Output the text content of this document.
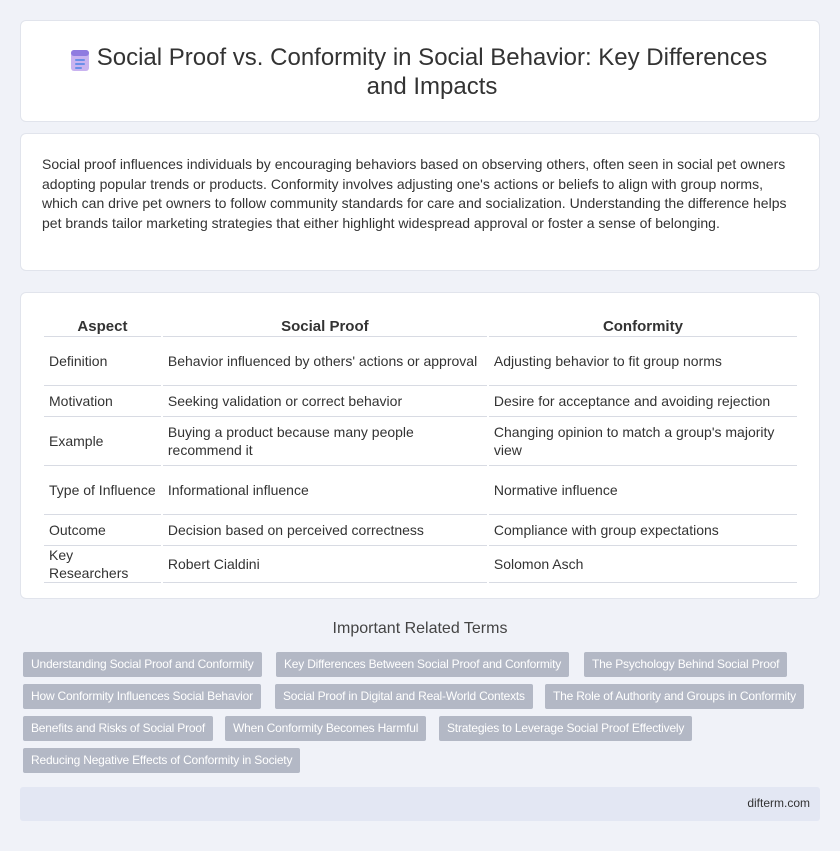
Social Proof vs. Conformity in Social Behavior: Key Differences and Impacts

Social proof influences individuals by encouraging behaviors based on observing others, often seen in social pet owners adopting popular trends or products. Conformity involves adjusting one's actions or beliefs to align with group norms, which can drive pet owners to follow community standards for care and socialization. Understanding the difference helps pet brands tailor marketing strategies that either highlight widespread approval or foster a sense of belonging.

Aspect	Social Proof	Conformity
Definition	Behavior influenced by others' actions or approval	Adjusting behavior to fit group norms
Motivation	Seeking validation or correct behavior	Desire for acceptance and avoiding rejection
Example	Buying a product because many people recommend it	Changing opinion to match a group's majority view
Type of Influence	Informational influence	Normative influence
Outcome	Decision based on perceived correctness	Compliance with group expectations
Key Researchers	Robert Cialdini	Solomon Asch
Important Related Terms
Understanding Social Proof and Conformity	Key Differences Between Social Proof and Conformity	The Psychology Behind Social Proof
How Conformity Influences Social Behavior	Social Proof in Digital and Real-World Contexts	The Role of Authority and Groups in Conformity
Benefits and Risks of Social Proof	When Conformity Becomes Harmful	Strategies to Leverage Social Proof Effectively
Reducing Negative Effects of Conformity in Society
difterm.com
